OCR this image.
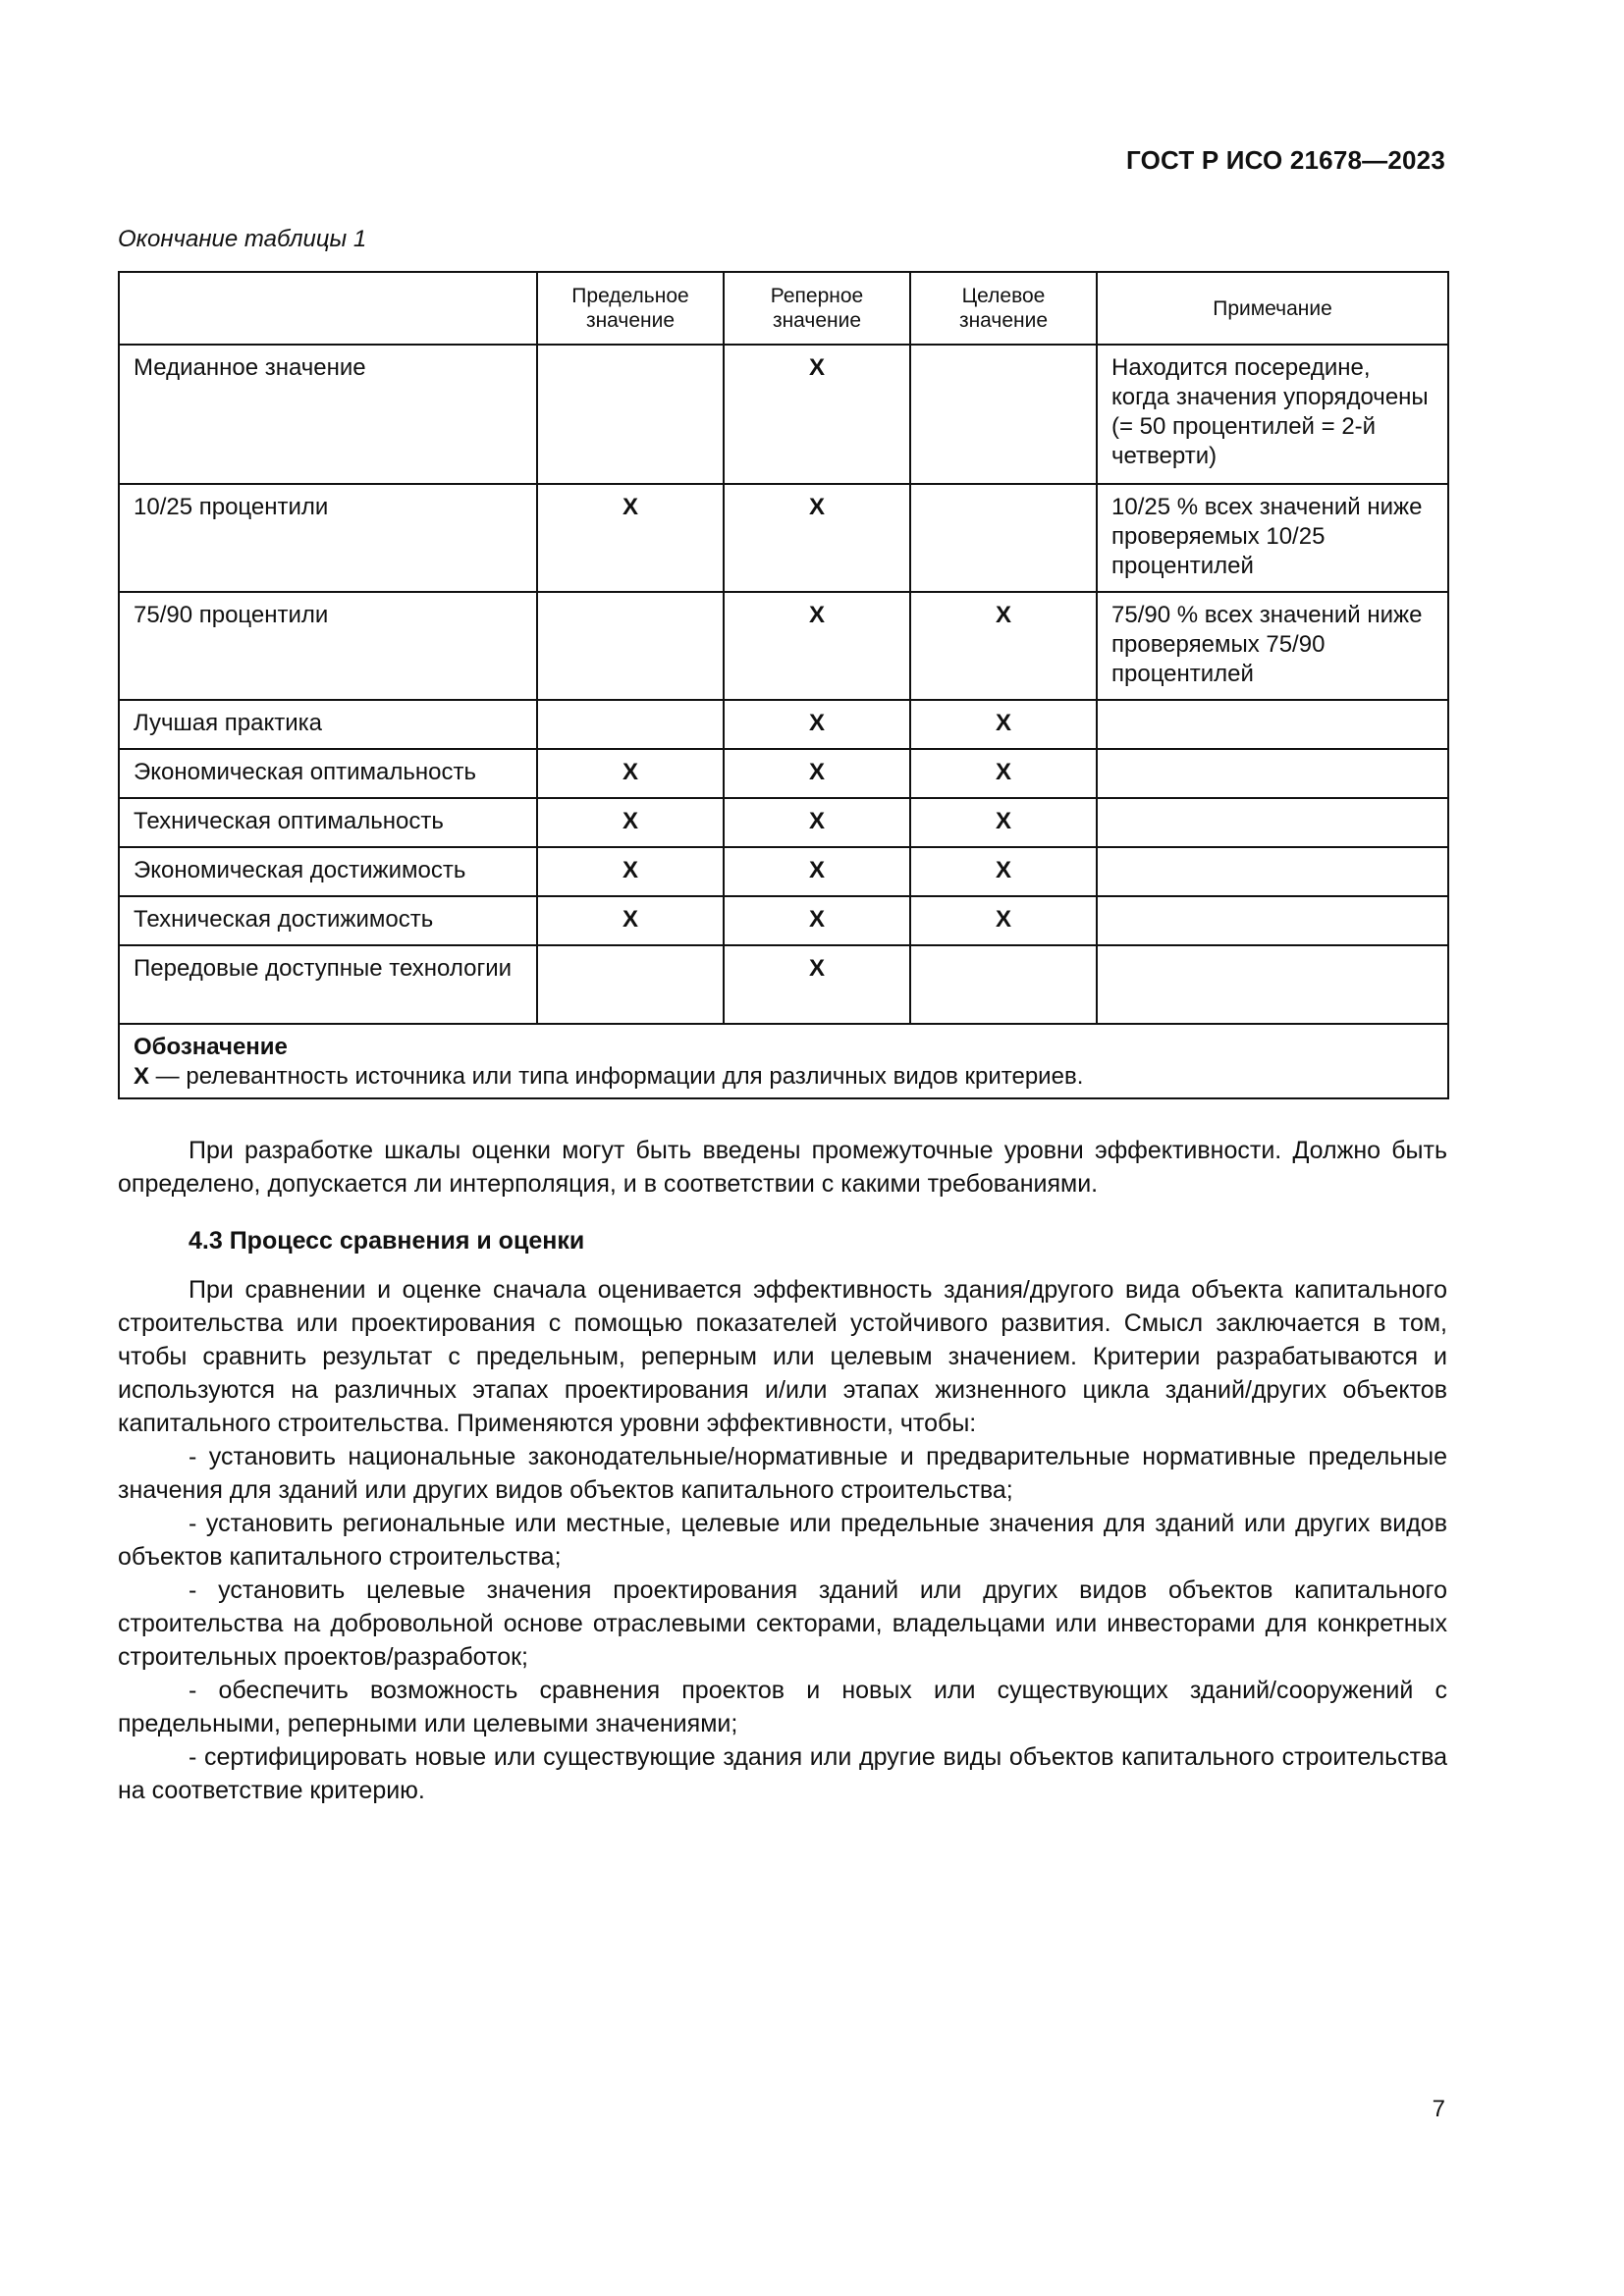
ГОСТ Р ИСО 21678—2023
Окончание таблицы 1
	Предельное значение	Реперное значение	Целевое значение	Примечание
Медианное значение		X		Находится посередине, когда значения упорядочены (= 50 процентилей = 2-й четверти)
10/25 процентили	X	X		10/25 % всех значений ниже проверяемых 10/25 процентилей
75/90 процентили		X	X	75/90 % всех значений ниже проверяемых 75/90 процентилей
Лучшая практика		X	X	
Экономическая оптимальность	X	X	X	
Техническая оптимальность	X	X	X	
Экономическая достижимость	X	X	X	
Техническая достижимость	X	X	X	
Передовые доступные технологии		X		

Обозначение
X — релевантность источника или типа информации для различных видов критериев.				

При разработке шкалы оценки могут быть введены промежуточные уровни эффективности. Должно быть определено, допускается ли интерполяция, и в соответствии с какими требованиями.

4.3 Процесс сравнения и оценки

При сравнении и оценке сначала оценивается эффективность здания/другого вида объекта капитального строительства или проектирования с помощью показателей устойчивого развития. Смысл заключается в том, чтобы сравнить результат с предельным, реперным или целевым значением. Критерии разрабатываются и используются на различных этапах проектирования и/или этапах жизненного цикла зданий/других объектов капитального строительства. Применяются уровни эффективности, чтобы:

- установить национальные законодательные/нормативные и предварительные нормативные предельные значения для зданий или других видов объектов капитального строительства;

- установить региональные или местные, целевые или предельные значения для зданий или других видов объектов капитального строительства;

- установить целевые значения проектирования зданий или других видов объектов капитального строительства на добровольной основе отраслевыми секторами, владельцами или инвесторами для конкретных строительных проектов/разработок;

- обеспечить возможность сравнения проектов и новых или существующих зданий/сооружений с предельными, реперными или целевыми значениями;

- сертифицировать новые или существующие здания или другие виды объектов капитального строительства на соответствие критерию.

7
